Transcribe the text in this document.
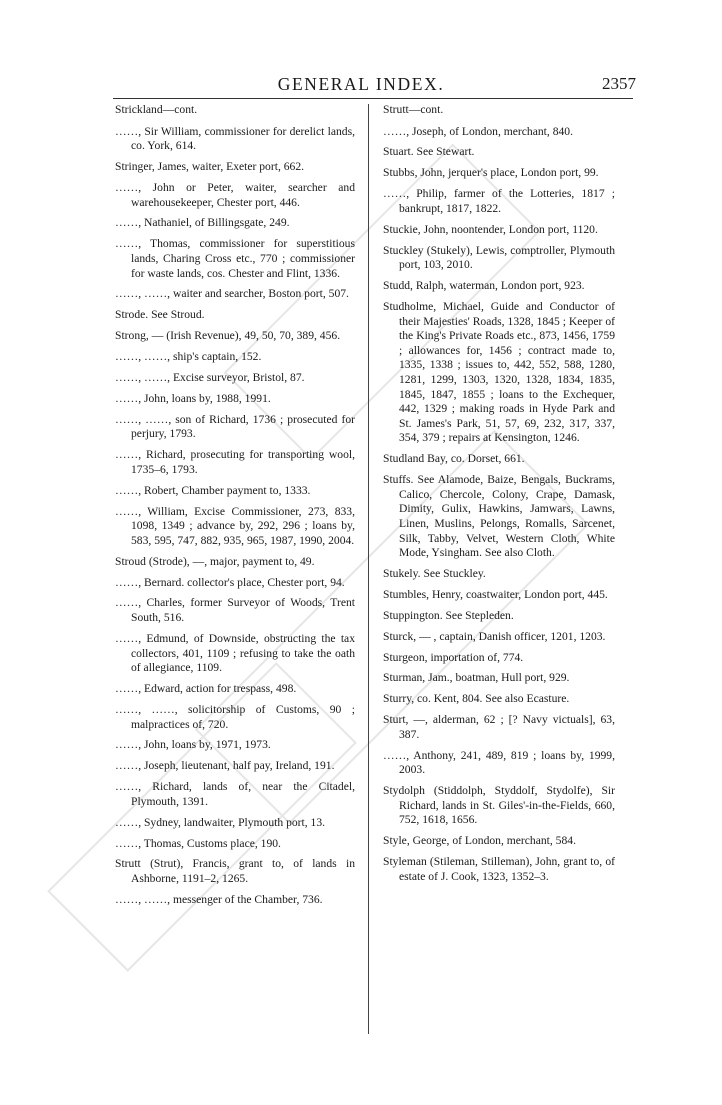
GENERAL INDEX.	2357
Strickland—cont.
……, Sir William, commissioner for derelict lands, co. York, 614.
Stringer, James, waiter, Exeter port, 662.
……, John or Peter, waiter, searcher and warehousekeeper, Chester port, 446.
……, Nathaniel, of Billingsgate, 249.
……, Thomas, commissioner for superstitious lands, Charing Cross etc., 770 ; commissioner for waste lands, cos. Chester and Flint, 1336.
……, ……, waiter and searcher, Boston port, 507.
Strode. See Stroud.
Strong, — (Irish Revenue), 49, 50, 70, 389, 456.
……, ……, ship's captain, 152.
……, ……, Excise surveyor, Bristol, 87.
……, John, loans by, 1988, 1991.
……, ……, son of Richard, 1736 ; prosecuted for perjury, 1793.
……, Richard, prosecuting for transporting wool, 1735–6, 1793.
……, Robert, Chamber payment to, 1333.
……, William, Excise Commissioner, 273, 833, 1098, 1349 ; advance by, 292, 296 ; loans by, 583, 595, 747, 882, 935, 965, 1987, 1990, 2004.
Stroud (Strode), —, major, payment to, 49.
……, Bernard. collector's place, Chester port, 94.
……, Charles, former Surveyor of Woods, Trent South, 516.
……, Edmund, of Downside, obstructing the tax collectors, 401, 1109 ; refusing to take the oath of allegiance, 1109.
……, Edward, action for trespass, 498.
……, ……, solicitorship of Customs, 90 ; malpractices of, 720.
……, John, loans by, 1971, 1973.
……, Joseph, lieutenant, half pay, Ireland, 191.
……, Richard, lands of, near the Citadel, Plymouth, 1391.
……, Sydney, landwaiter, Plymouth port, 13.
……, Thomas, Customs place, 190.
Strutt (Strut), Francis, grant to, of lands in Ashborne, 1191–2, 1265.
……, ……, messenger of the Chamber, 736.
Strutt—cont.
……, Joseph, of London, merchant, 840.
Stuart. See Stewart.
Stubbs, John, jerquer's place, London port, 99.
……, Philip, farmer of the Lotteries, 1817 ; bankrupt, 1817, 1822.
Stuckie, John, noontender, London port, 1120.
Stuckley (Stukely), Lewis, comptroller, Plymouth port, 103, 2010.
Studd, Ralph, waterman, London port, 923.
Studholme, Michael, Guide and Conductor of their Majesties' Roads, 1328, 1845 ; Keeper of the King's Private Roads etc., 873, 1456, 1759 ; allowances for, 1456 ; contract made to, 1335, 1338 ; issues to, 442, 552, 588, 1280, 1281, 1299, 1303, 1320, 1328, 1834, 1835, 1845, 1847, 1855 ; loans to the Exchequer, 442, 1329 ; making roads in Hyde Park and St. James's Park, 51, 57, 69, 232, 317, 337, 354, 379 ; repairs at Kensington, 1246.
Studland Bay, co. Dorset, 661.
Stuffs. See Alamode, Baize, Bengals, Buckrams, Calico, Chercole, Colony, Crape, Damask, Dimity, Gulix, Hawkins, Jamwars, Lawns, Linen, Muslins, Pelongs, Romalls, Sarcenet, Silk, Tabby, Velvet, Western Cloth, White Mode, Ysingham. See also Cloth.
Stukely. See Stuckley.
Stumbles, Henry, coastwaiter, London port, 445.
Stuppington. See Stepleden.
Sturck, — , captain, Danish officer, 1201, 1203.
Sturgeon, importation of, 774.
Sturman, Jam., boatman, Hull port, 929.
Sturry, co. Kent, 804. See also Ecasture.
Sturt, —, alderman, 62 ; [? Navy victuals], 63, 387.
……, Anthony, 241, 489, 819 ; loans by, 1999, 2003.
Stydolph (Stiddolph, Styddolf, Stydolfe), Sir Richard, lands in St. Giles'-in-the-Fields, 660, 752, 1618, 1656.
Style, George, of London, merchant, 584.
Styleman (Stileman, Stilleman), John, grant to, of estate of J. Cook, 1323, 1352–3.
